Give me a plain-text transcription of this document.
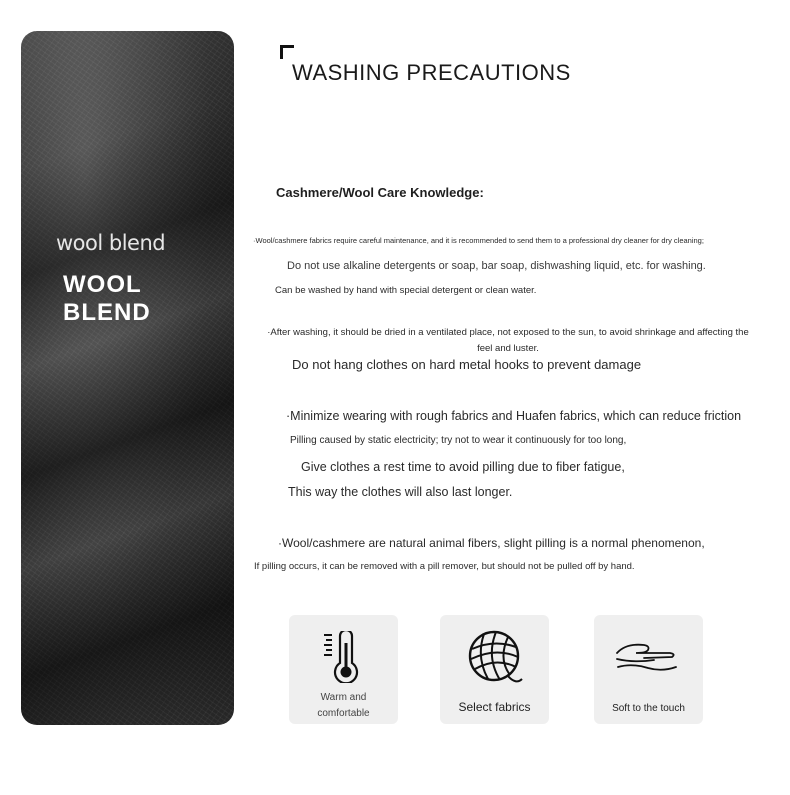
wool blend
WOOL BLEND
WASHING PRECAUTIONS
Cashmere/Wool Care Knowledge:
·Wool/cashmere fabrics require careful maintenance, and it is recommended to send them to a professional dry cleaner for dry cleaning;
Do not use alkaline detergents or soap, bar soap, dishwashing liquid, etc. for washing.
Can be washed by hand with special detergent or clean water.
·After washing, it should be dried in a ventilated place, not exposed to the sun, to avoid shrinkage and affecting the feel and luster.
Do not hang clothes on hard metal hooks to prevent damage
·Minimize wearing with rough fabrics and Huafen fabrics, which can reduce friction
Pilling caused by static electricity; try not to wear it continuously for too long,
Give clothes a rest time to avoid pilling due to fiber fatigue,
This way the clothes will also last longer.
·Wool/cashmere are natural animal fibers, slight pilling is a normal phenomenon,
If pilling occurs, it can be removed with a pill remover, but should not be pulled off by hand.
Warm and
comfortable	Select fabrics	Soft to the touch
